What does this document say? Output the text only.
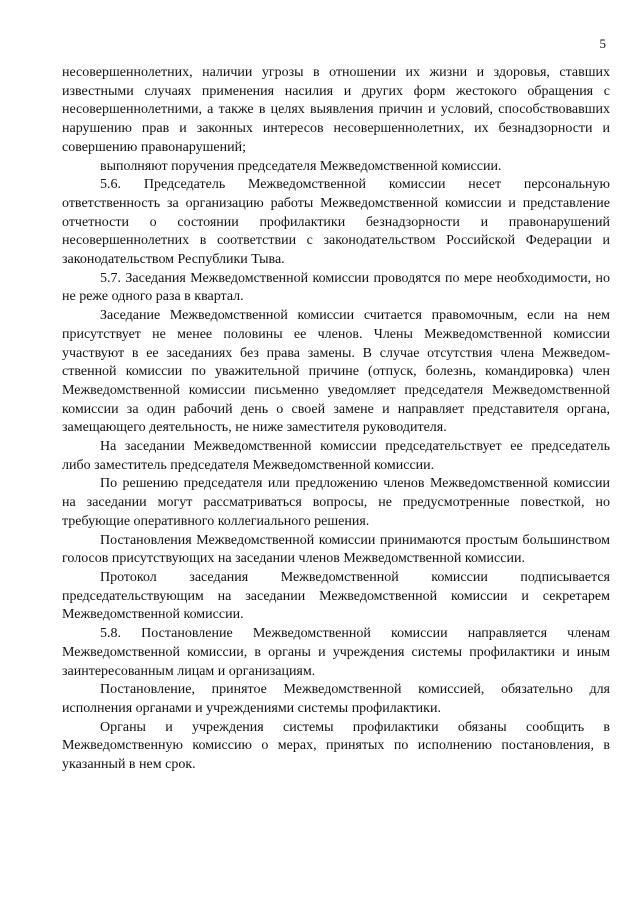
5

несовершеннолетних, наличии угрозы в отношении их жизни и здоровья, ставших известными случаях применения насилия и других форм жестокого обращения с несовершеннолетними, а также в целях выявления причин и условий, способствовавших нарушению прав и законных интересов несовершеннолетних, их безнадзорности и совершению правонарушений;

выполняют поручения председателя Межведомственной комиссии.

5.6. Председатель Межведомственной комиссии несет персональную ответственность за организацию работы Межведомственной комиссии и представление отчетности о состоянии профилактики безнадзорности и правонарушений несовершеннолетних в соответствии с законодательством Российской Федерации и законодательством Республики Тыва.

5.7. Заседания Межведомственной комиссии проводятся по мере необходимости, но не реже одного раза в квартал.

Заседание Межведомственной комиссии считается правомочным, если на нем присутствует не менее половины ее членов. Члены Межведомственной комиссии участвуют в ее заседаниях без права замены. В случае отсутствия члена Межведомственной комиссии по уважительной причине (отпуск, болезнь, командировка) член Межведомственной комиссии письменно уведомляет председателя Межведомственной комиссии за один рабочий день о своей замене и направляет представителя органа, замещающего деятельность, не ниже заместителя руководителя.

На заседании Межведомственной комиссии председательствует ее председатель либо заместитель председателя Межведомственной комиссии.

По решению председателя или предложению членов Межведомственной комиссии на заседании могут рассматриваться вопросы, не предусмотренные повесткой, но требующие оперативного коллегиального решения.

Постановления Межведомственной комиссии принимаются простым большинством голосов присутствующих на заседании членов Межведомственной комиссии.

Протокол заседания Межведомственной комиссии подписывается председательствующим на заседании Межведомственной комиссии и секретарем Межведомственной комиссии.

5.8. Постановление Межведомственной комиссии направляется членам Межведомственной комиссии, в органы и учреждения системы профилактики и иным заинтересованным лицам и организациям.

Постановление, принятое Межведомственной комиссией, обязательно для исполнения органами и учреждениями системы профилактики.

Органы и учреждения системы профилактики обязаны сообщить в Межведомственную комиссию о мерах, принятых по исполнению постановления, в указанный в нем срок.
